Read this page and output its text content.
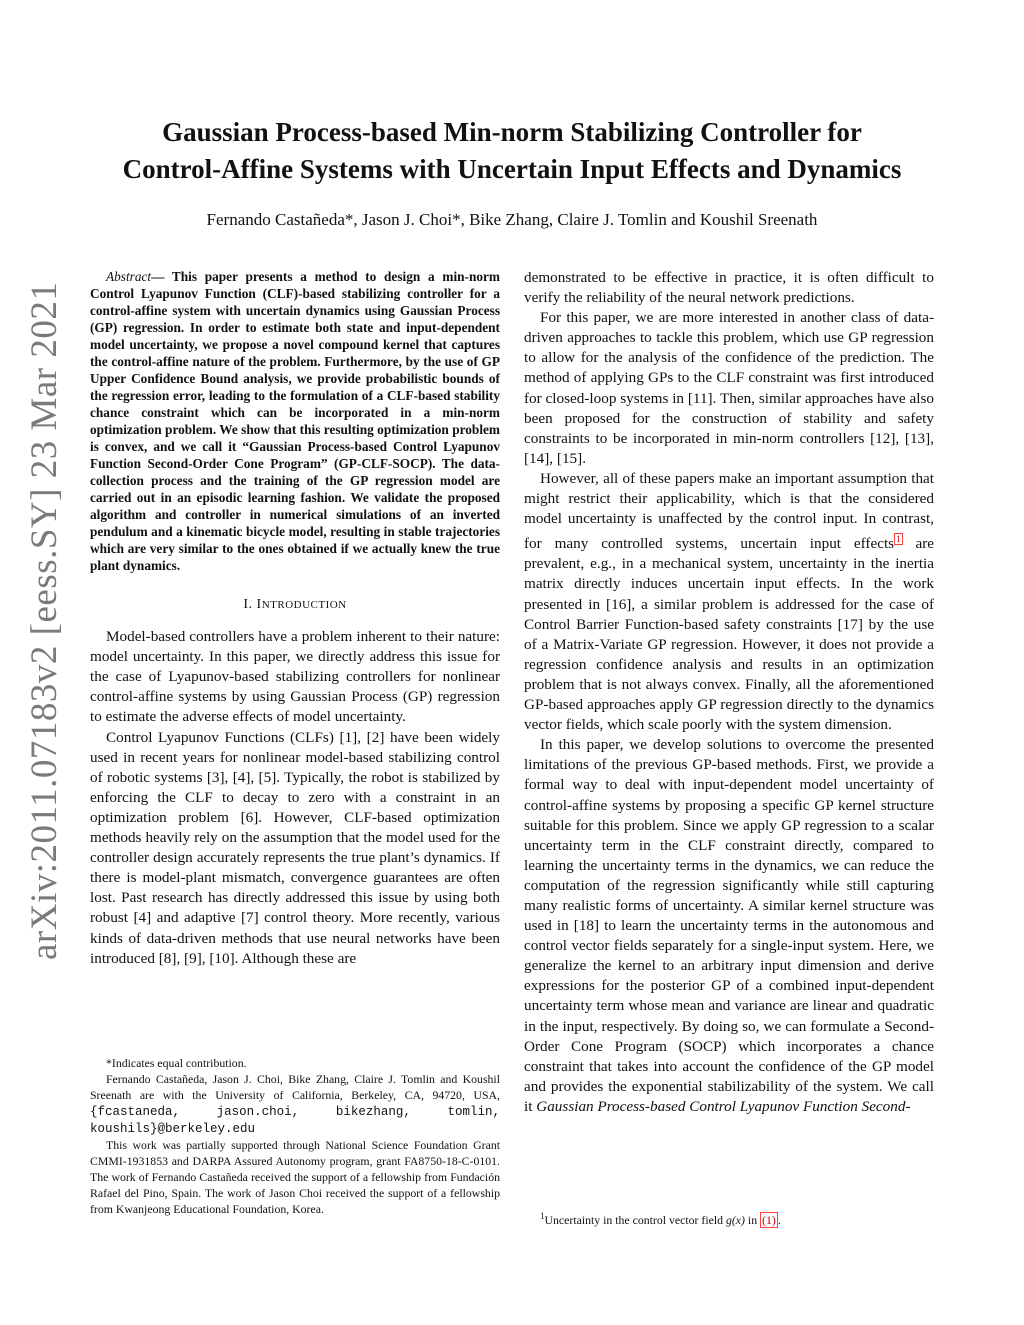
arXiv:2011.07183v2 [eess.SY] 23 Mar 2021
Gaussian Process-based Min-norm Stabilizing Controller for
Control-Affine Systems with Uncertain Input Effects and Dynamics
Fernando Castañeda*, Jason J. Choi*, Bike Zhang, Claire J. Tomlin and Koushil Sreenath

Abstract— This paper presents a method to design a min-norm Control Lyapunov Function (CLF)-based stabilizing controller for a control-affine system with uncertain dynamics using Gaussian Process (GP) regression. In order to estimate both state and input-dependent model uncertainty, we propose a novel compound kernel that captures the control-affine nature of the problem. Furthermore, by the use of GP Upper Confidence Bound analysis, we provide probabilistic bounds of the regression error, leading to the formulation of a CLF-based stability chance constraint which can be incorporated in a min-norm optimization problem. We show that this resulting optimization problem is convex, and we call it “Gaussian Process-based Control Lyapunov Function Second-Order Cone Program” (GP-CLF-SOCP). The data-collection process and the training of the GP regression model are carried out in an episodic learning fashion. We validate the proposed algorithm and controller in numerical simulations of an inverted pendulum and a kinematic bicycle model, resulting in stable trajectories which are very similar to the ones obtained if we actually knew the true plant dynamics.

I. INTRODUCTION

Model-based controllers have a problem inherent to their nature: model uncertainty. In this paper, we directly address this issue for the case of Lyapunov-based stabilizing controllers for nonlinear control-affine systems by using Gaussian Process (GP) regression to estimate the adverse effects of model uncertainty.

Control Lyapunov Functions (CLFs) [1], [2] have been widely used in recent years for nonlinear model-based stabilizing control of robotic systems [3], [4], [5]. Typically, the robot is stabilized by enforcing the CLF to decay to zero with a constraint in an optimization problem [6]. However, CLF-based optimization methods heavily rely on the assumption that the model used for the controller design accurately represents the true plant’s dynamics. If there is model-plant mismatch, convergence guarantees are often lost. Past research has directly addressed this issue by using both robust [4] and adaptive [7] control theory. More recently, various kinds of data-driven methods that use neural networks have been introduced [8], [9], [10]. Although these are

*Indicates equal contribution.

Fernando Castañeda, Jason J. Choi, Bike Zhang, Claire J. Tomlin and Koushil Sreenath are with the University of California, Berkeley, CA, 94720, USA, {fcastaneda, jason.choi, bikezhang, tomlin, koushils}@berkeley.edu

This work was partially supported through National Science Foundation Grant CMMI-1931853 and DARPA Assured Autonomy program, grant FA8750-18-C-0101. The work of Fernando Castañeda received the support of a fellowship from Fundación Rafael del Pino, Spain. The work of Jason Choi received the support of a fellowship from Kwanjeong Educational Foundation, Korea.

demonstrated to be effective in practice, it is often difficult to verify the reliability of the neural network predictions.

For this paper, we are more interested in another class of data-driven approaches to tackle this problem, which use GP regression to allow for the analysis of the confidence of the prediction. The method of applying GPs to the CLF constraint was first introduced for closed-loop systems in [11]. Then, similar approaches have also been proposed for the construction of stability and safety constraints to be incorporated in min-norm controllers [12], [13], [14], [15].

However, all of these papers make an important assumption that might restrict their applicability, which is that the considered model uncertainty is unaffected by the control input. In contrast, for many controlled systems, uncertain input effects $^1$ are prevalent, e.g., in a mechanical system, uncertainty in the inertia matrix directly induces uncertain input effects. In the work presented in [16], a similar problem is addressed for the case of Control Barrier Function-based safety constraints [17] by the use of a Matrix-Variate GP regression. However, it does not provide a regression confidence analysis and results in an optimization problem that is not always convex. Finally, all the aforementioned GP-based approaches apply GP regression directly to the dynamics vector fields, which scale poorly with the system dimension.

In this paper, we develop solutions to overcome the presented limitations of the previous GP-based methods. First, we provide a formal way to deal with input-dependent model uncertainty of control-affine systems by proposing a specific GP kernel structure suitable for this problem. Since we apply GP regression to a scalar uncertainty term in the CLF constraint directly, compared to learning the uncertainty terms in the dynamics, we can reduce the computation of the regression significantly while still capturing many realistic forms of uncertainty. A similar kernel structure was used in [18] to learn the uncertainty terms in the autonomous and control vector fields separately for a single-input system. Here, we generalize the kernel to an arbitrary input dimension and derive expressions for the posterior GP of a combined input-dependent uncertainty term whose mean and variance are linear and quadratic in the input, respectively. By doing so, we can formulate a Second-Order Cone Program (SOCP) which incorporates a chance constraint that takes into account the confidence of the GP model and provides the exponential stabilizability of the system. We call it Gaussian Process-based Control Lyapunov Function Second-

$^1$Uncertainty in the control vector field g(x) in (1) .
